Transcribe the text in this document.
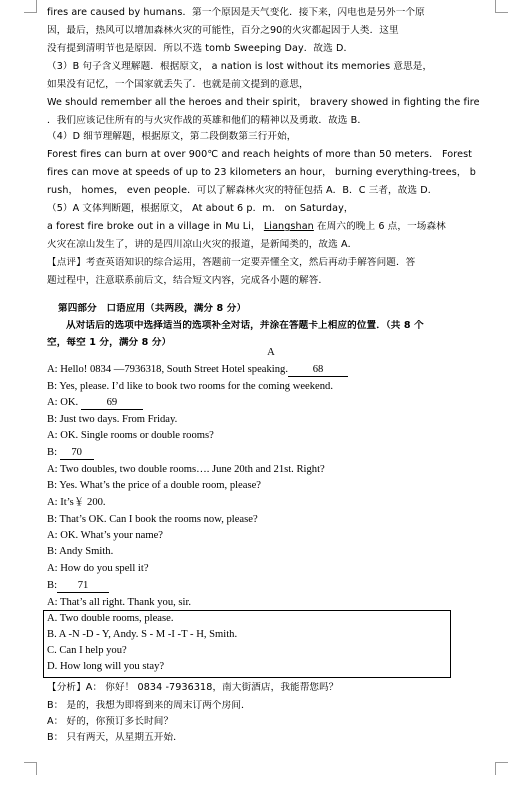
fires are caused by humans．第一个原因是天气变化．接下来，闪电也是另外一个原
因，最后，热风可以增加森林火灾的可能性，百分之90的火灾都起因于人类．这里
没有提到清明节也是原因．所以不选 tomb Sweeping Day．故选 D．
（3）B 句子含义理解题．根据原文， a nation is lost without its memories 意思是，
如果没有记忆，一个国家就丢失了．也就是前文提到的意思，
We should remember all the heroes and their spirit， bravery showed in fighting the fire
．我们应该记住所有的与火灾作战的英雄和他们的精神以及勇敢．故选 B．
（4）D 细节理解题，根据原文，第二段倒数第三行开始，
Forest fires can burn at over 900℃ and reach heights of more than 50 meters． Forest
fires can move at speeds of up to 23 kilometers an hour， burning everything-trees， b
rush， homes， even people．可以了解森林火灾的特征包括 A．B．C 三者，故选 D．
（5）A 文体判断题，根据原文， At about 6 p．m． on Saturday，
a forest fire broke out in a village in Mu Li， Liangshan 在周六的晚上 6 点，一场森林
火灾在凉山发生了，讲的是四川凉山火灾的报道，是新闻类的，故选 A．
【点评】考查英语知识的综合运用，答题前一定要弄懂全文，然后再动手解答问题．答
题过程中，注意联系前后文，结合短文内容，完成各小题的解答．
第四部分　口语应用（共两段，满分 8 分）
从对话后的选项中选择适当的选项补全对话，并涂在答题卡上相应的位置．（共 8 个
空，每空 1 分，满分 8 分）
A
A: Hello! 0834 —7936318, South Street Hotel speaking. 68
B: Yes, please. I’d like to book two rooms for the coming weekend.
A: OK.	69
B: Just two days. From Friday.
A: OK. Single rooms or double rooms?
B: 70
A: Two doubles, two double rooms…. June 20th and 21st. Right?
B: Yes. What’s the price of a double room, please?
A: It’s￥ 200.
B: That’s OK. Can I book the rooms now, please?
A: OK. What’s your name?
B: Andy Smith.
A: How do you spell it?
A. Two double rooms, please.
B. A -N -D - Y, Andy. S - M -I -T - H, Smith.
C. Can I help you?
D. How long will you stay?
【分析】A： 你好！ 0834 -7936318，南大街酒店，我能帮您吗？
B： 是的，我想为即将到来的周末订两个房间．
A： 好的，你预订多长时间？
B： 只有两天，从星期五开始．
B: 71
A: That’s all right. Thank you, sir.
